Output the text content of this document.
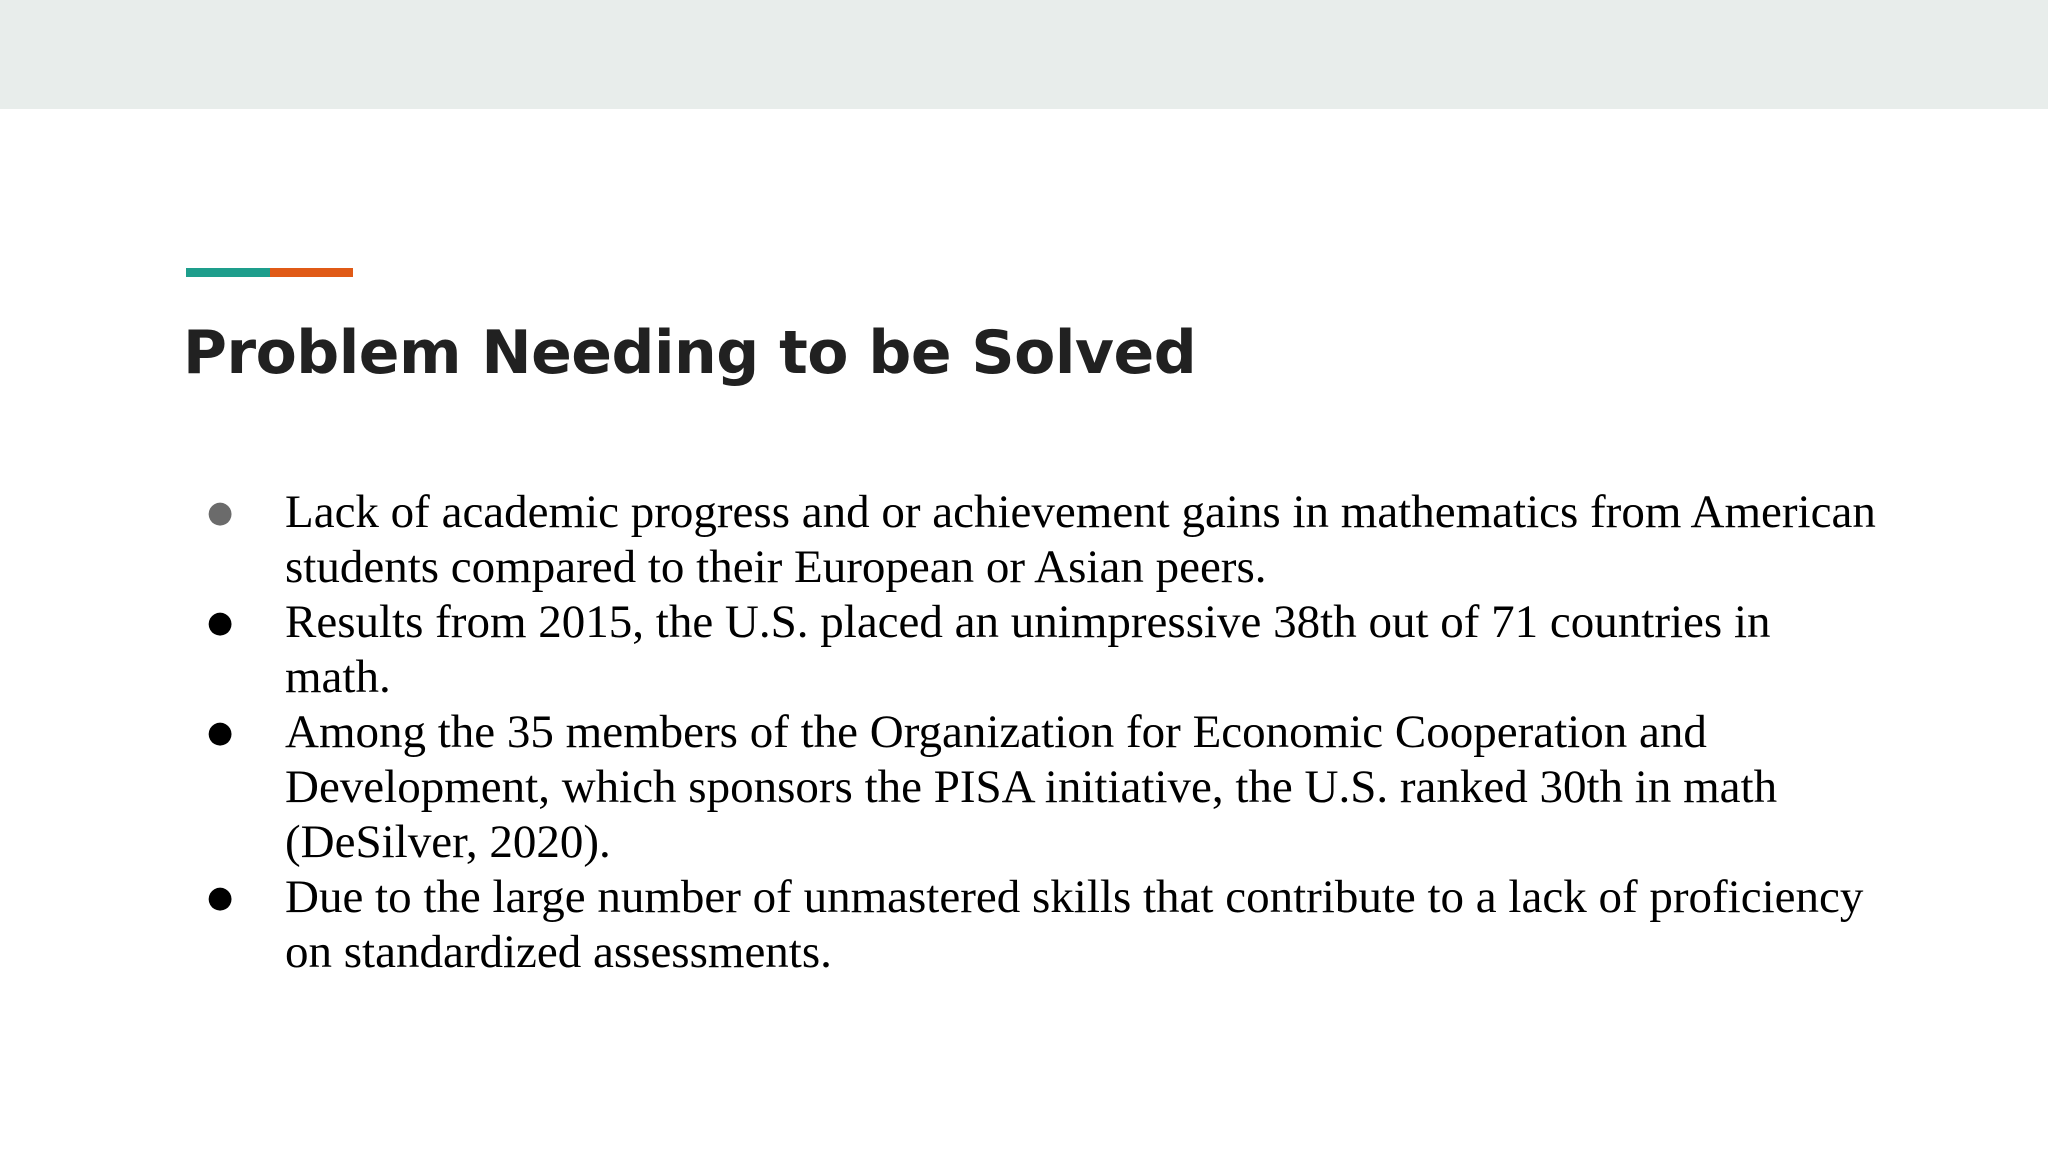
Problem Needing to be Solved
● Lack of academic progress and or achievement gains in mathematics from American students compared to their European or Asian peers.
● Results from 2015, the U.S. placed an unimpressive 38th out of 71 countries in math.
● Among the 35 members of the Organization for Economic Cooperation and Development, which sponsors the PISA initiative, the U.S. ranked 30th in math (DeSilver, 2020).
● Due to the large number of unmastered skills that contribute to a lack of proficiency on standardized assessments.
